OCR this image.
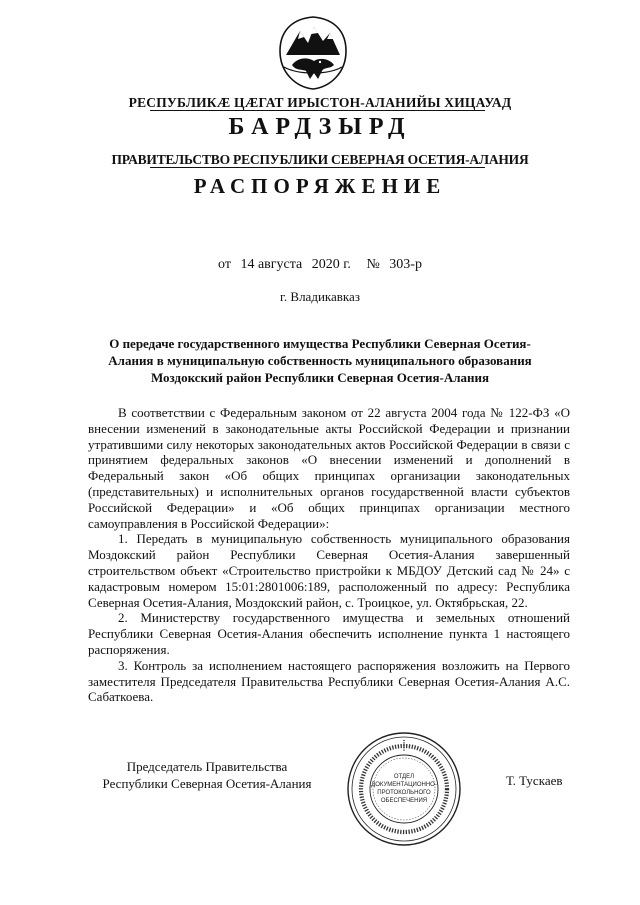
РЕСПУБЛИКӔ ЦӔГАТ ИРЫСТОН-АЛАНИЙЫ ХИЦАУАД
БАРДЗЫРД
ПРАВИТЕЛЬСТВО РЕСПУБЛИКИ СЕВЕРНАЯ ОСЕТИЯ-АЛАНИЯ
РАСПОРЯЖЕНИЕ
от 14 августа 2020 г. № 303-р
г. Владикавказ
О передаче государственного имущества Республики Северная Осетия-Алания в муниципальную собственность муниципального образования Моздокский район Республики Северная Осетия-Алания

В соответствии с Федеральным законом от 22 августа 2004 года № 122-ФЗ «О внесении изменений в законодательные акты Российской Федерации и признании утратившими силу некоторых законодательных актов Российской Федерации в связи с принятием федеральных законов «О внесении изменений и дополнений в Федеральный закон «Об общих принципах организации законодательных (представительных) и исполнительных органов государственной власти субъектов Российской Федерации» и «Об общих принципах организации местного самоуправления в Российской Федерации»:

1. Передать в муниципальную собственность муниципального образования Моздокский район Республики Северная Осетия-Алания завершенный строительством объект «Строительство пристройки к МБДОУ Детский сад № 24» с кадастровым номером 15:01:2801006:189, расположенный по адресу: Республика Северная Осетия-Алания, Моздокский район, с. Троицкое, ул. Октябрьская, 22.

2. Министерству государственного имущества и земельных отношений Республики Северная Осетия-Алания обеспечить исполнение пункта 1 настоящего распоряжения.

3. Контроль за исполнением настоящего распоряжения возложить на Первого заместителя Председателя Правительства Республики Северная Осетия-Алания А.С. Сабаткоева.

Председатель Правительства
Республики Северная Осетия-Алания	ОТДЕЛ
ДОКУМЕНТАЦИОННО-
ПРОТОКОЛЬНОГО
ОБЕСПЕЧЕНИЯ
Т. Тускаев
